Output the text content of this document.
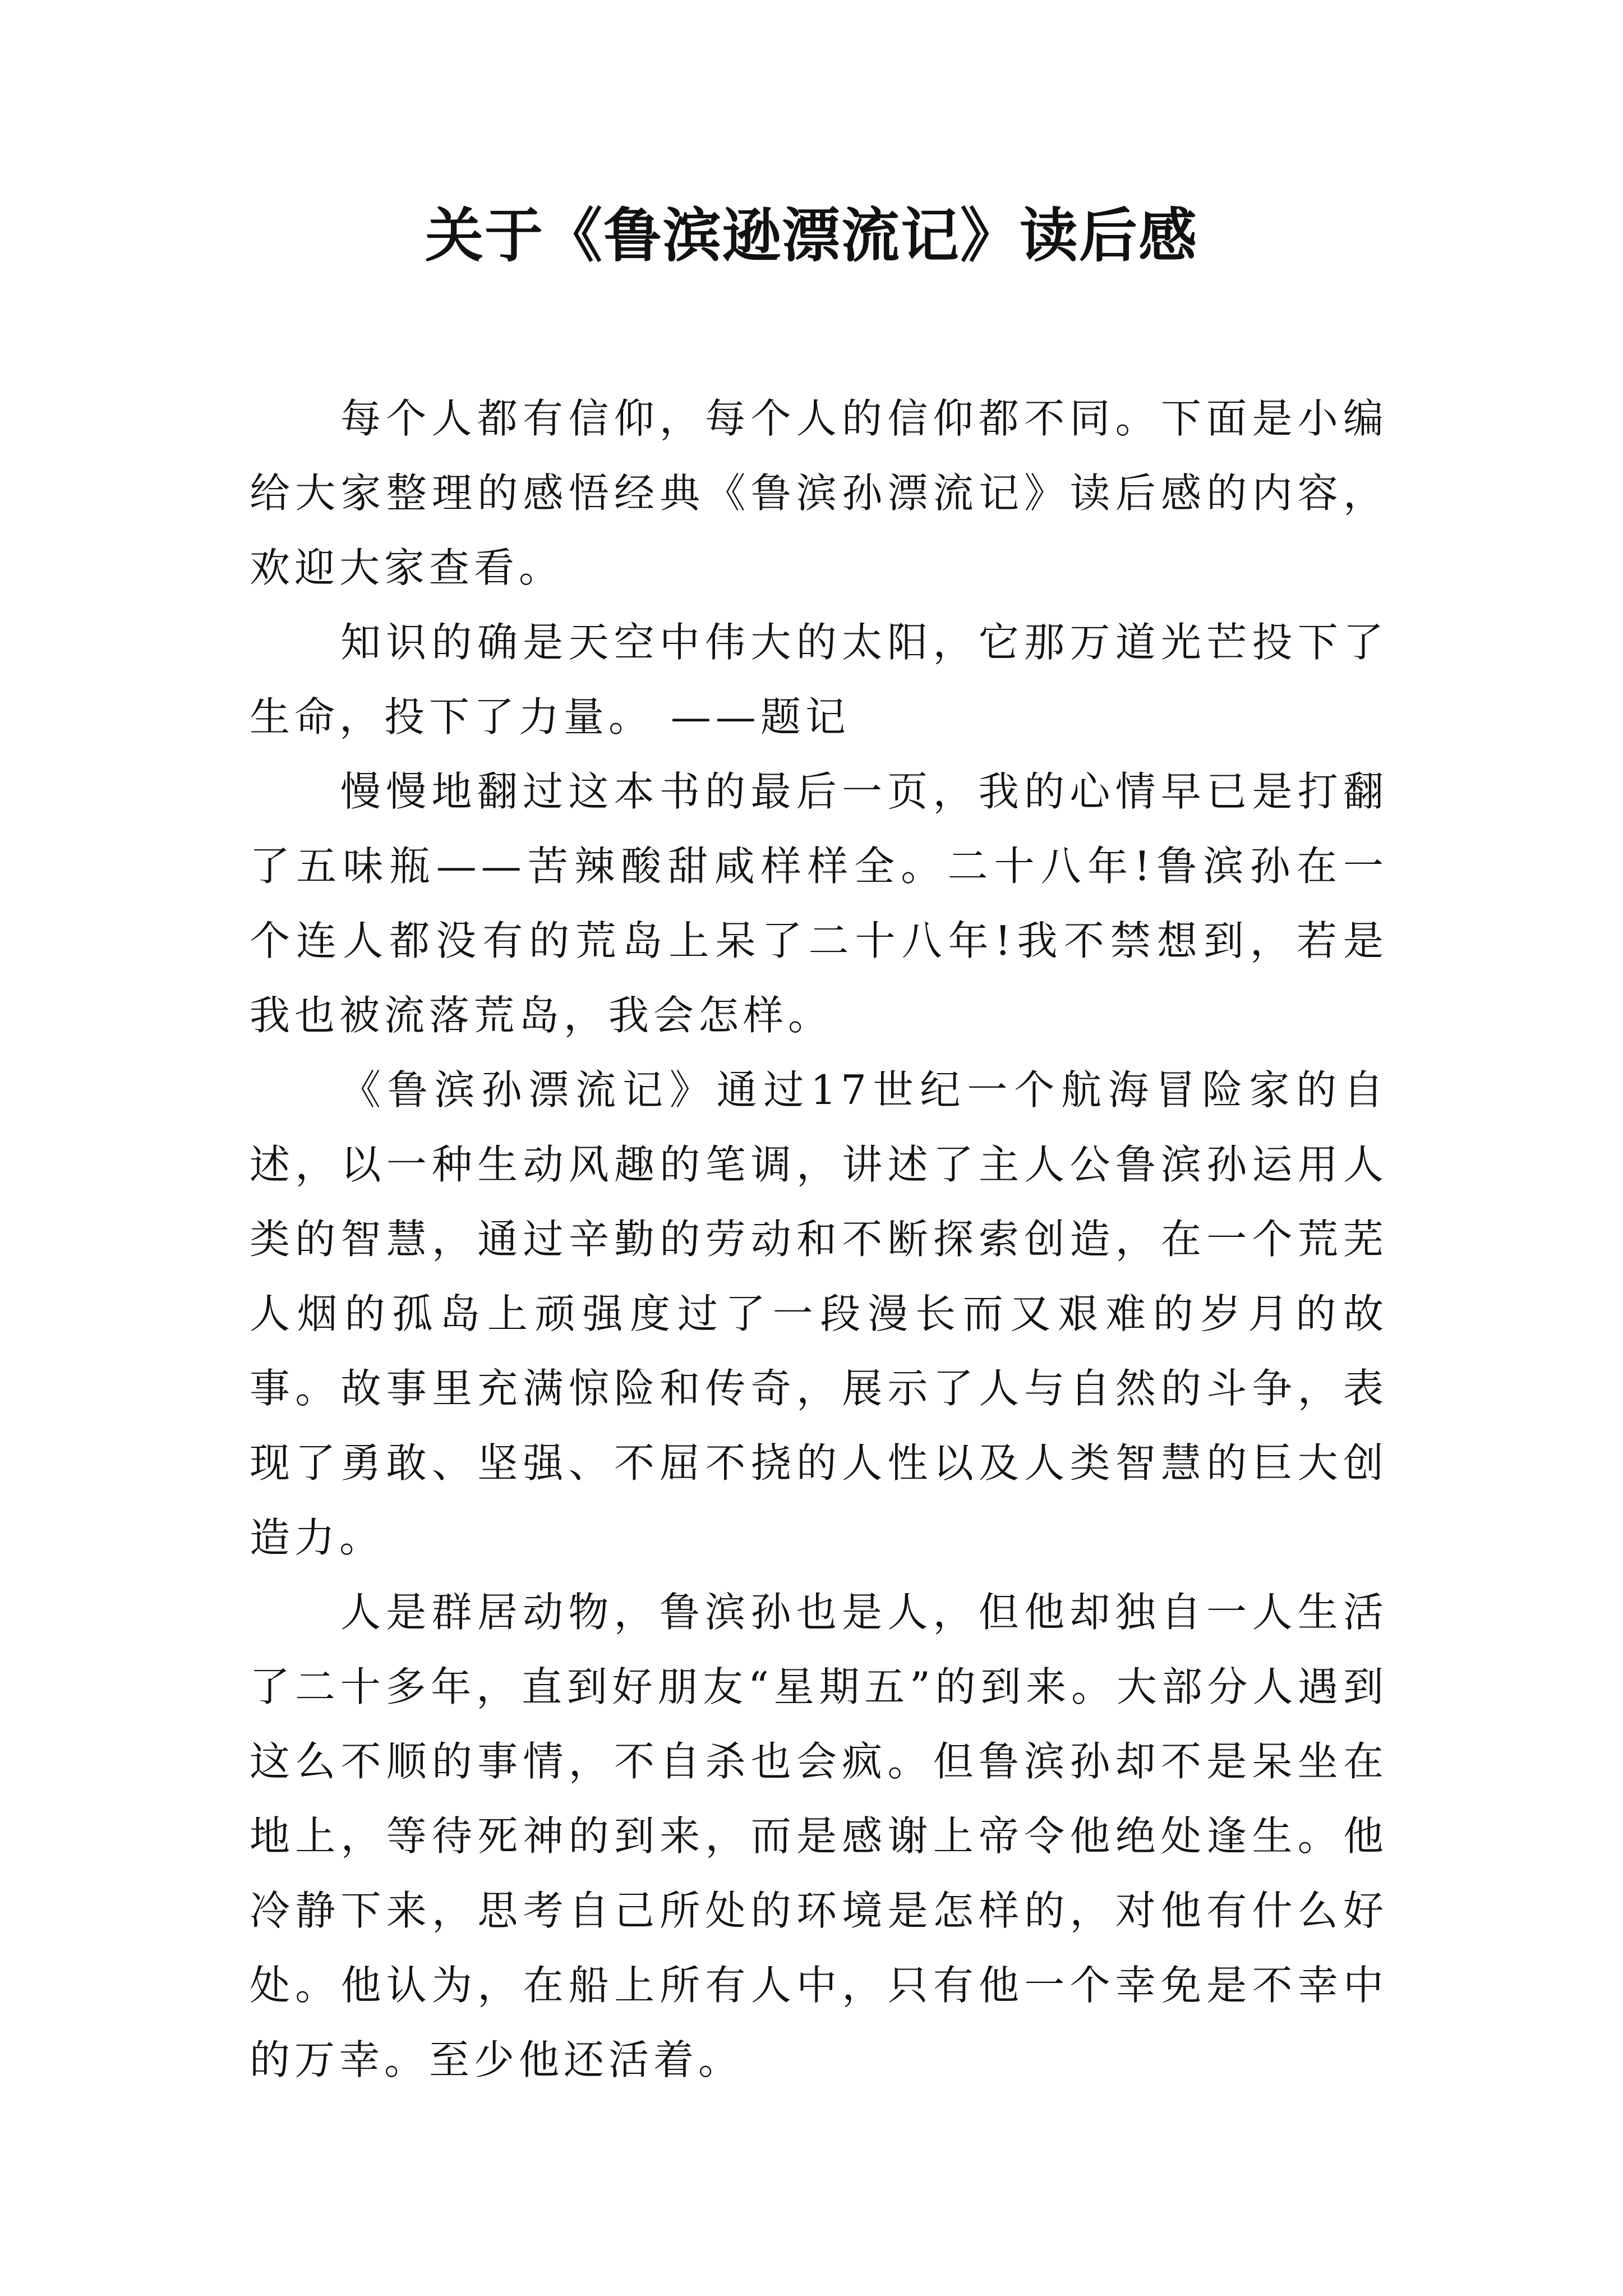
关于《鲁滨逊漂流记》读后感

每个人都有信仰，每个人的信仰都不同。下面是小编给大家整理的感悟经典《鲁滨孙漂流记》读后感的内容，欢迎大家查看。

知识的确是天空中伟大的太阳，它那万道光芒投下了生命，投下了力量。 ——题记

慢慢地翻过这本书的最后一页，我的心情早已是打翻了五味瓶——苦辣酸甜咸样样全。二十八年!鲁滨孙在一个连人都没有的荒岛上呆了二十八年!我不禁想到，若是我也被流落荒岛，我会怎样。

《鲁滨孙漂流记》通过17世纪一个航海冒险家的自述，以一种生动风趣的笔调，讲述了主人公鲁滨孙运用人类的智慧，通过辛勤的劳动和不断探索创造，在一个荒芜人烟的孤岛上顽强度过了一段漫长而又艰难的岁月的故事。故事里充满惊险和传奇，展示了人与自然的斗争，表现了勇敢、坚强、不屈不挠的人性以及人类智慧的巨大创造力。

人是群居动物，鲁滨孙也是人，但他却独自一人生活了二十多年，直到好朋友“星期五”的到来。大部分人遇到这么不顺的事情，不自杀也会疯。但鲁滨孙却不是呆坐在地上，等待死神的到来，而是感谢上帝令他绝处逢生。他冷静下来，思考自己所处的环境是怎样的，对他有什么好处。他认为，在船上所有人中，只有他一个幸免是不幸中的万幸。至少他还活着。
